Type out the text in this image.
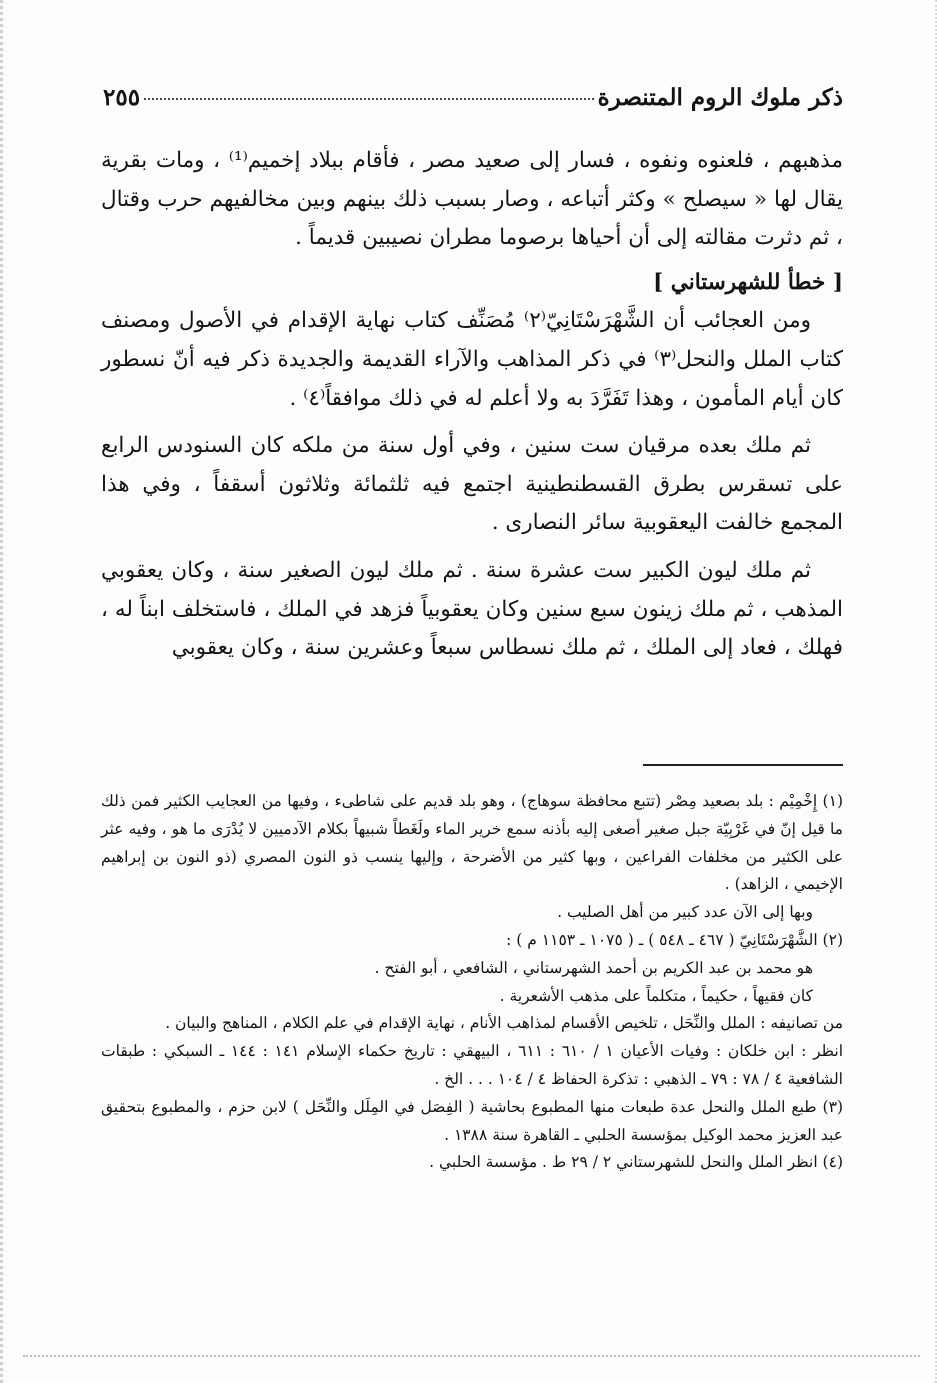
ذكر ملوك الروم المتنصرة
٢٥٥

مذهبهم ، فلعنوه ونفوه ، فسار إلى صعيد مصر ، فأقام ببلاد إخميم⁽¹⁾ ، ومات بقرية يقال لها « سيصلح » وكثر أتباعه ، وصار بسبب ذلك بينهم وبين مخالفيهم حرب وقتال ، ثم دثرت مقالته إلى أن أحياها برصوما مطران نصيبين قديماً .

[ خطأ للشهرستاني ]

ومن العجائب أن الشَّهْرَسْتَانِيّ⁽٢⁾ مُصَنِّف كتاب نهاية الإقدام في الأصول ومصنف كتاب الملل والنحل⁽٣⁾ في ذكر المذاهب والآراء القديمة والجديدة ذكر فيه أنّ نسطور كان أيام المأمون ، وهذا تَفَرَّدَ به ولا أعلم له في ذلك موافقاً⁽٤⁾ .

ثم ملك بعده مرقيان ست سنين ، وفي أول سنة من ملكه كان السنودس الرابع على تسقرس بطرق القسطنطينية اجتمع فيه ثلثمائة وثلاثون أسقفاً ، وفي هذا المجمع خالفت اليعقوبية سائر النصارى .

ثم ملك ليون الكبير ست عشرة سنة . ثم ملك ليون الصغير سنة ، وكان يعقوبي المذهب ، ثم ملك زينون سبع سنين وكان يعقوبياً فزهد في الملك ، فاستخلف ابناً له ، فهلك ، فعاد إلى الملك ، ثم ملك نسطاس سبعاً وعشرين سنة ، وكان يعقوبي

(١) إِخْمِيْم : بلد بصعيد مِصْر (تتبع محافظة سوهاج) ، وهو بلد قديم على شاطىء ، وفيها من العجايب الكثير فمن ذلك ما قيل إنّ في غَرْبِيّة جبل صغير أصغى إليه بأذنه سمع خرير الماء ولَغَطاً شبيهاً بكلام الآدميين لا يُدْرَى ما هو ، وفيه عثر على الكثير من مخلفات الفراعين ، وبها كثير من الأضرحة ، وإليها ينسب ذو النون المصري (ذو النون بن إبراهيم الإخيمي ، الزاهد) .

وبها إلى الآن عدد كبير من أهل الصليب .

(٢) الشَّهْرَسْتَانِيّ ( ٤٦٧ ـ ٥٤٨ ) ـ ( ١٠٧٥ ـ ١١٥٣ م ) :

هو محمد بن عبد الكريم بن أحمد الشهرستاني ، الشافعي ، أبو الفتح .

كان فقيهاً ، حكيماً ، متكلماً على مذهب الأشعرية .

من تصانيفه : الملل والنِّحَل ، تلخيص الأقسام لمذاهب الأنام ، نهاية الإقدام في علم الكلام ، المناهج والبيان .

انظر : ابن خلكان : وفيات الأعيان ١ / ٦١٠ : ٦١١ ، البيهقي : تاريخ حكماء الإسلام ١٤١ : ١٤٤ ـ السبكي : طبقات الشافعية ٤ / ٧٨ : ٧٩ ـ الذهبي : تذكرة الحفاظ ٤ / ١٠٤ . . . الخ .

(٣) طبع الملل والنحل عدة طبعات منها المطبوع بحاشية ( الفِصَل في المِلَل والنِّحَل ) لابن حزم ، والمطبوع بتحقيق عبد العزيز محمد الوكيل بمؤسسة الحلبي ـ القاهرة سنة ١٣٨٨ .

(٤) انظر الملل والنحل للشهرستاني ٢ / ٢٩ ط . مؤسسة الحلبي .
